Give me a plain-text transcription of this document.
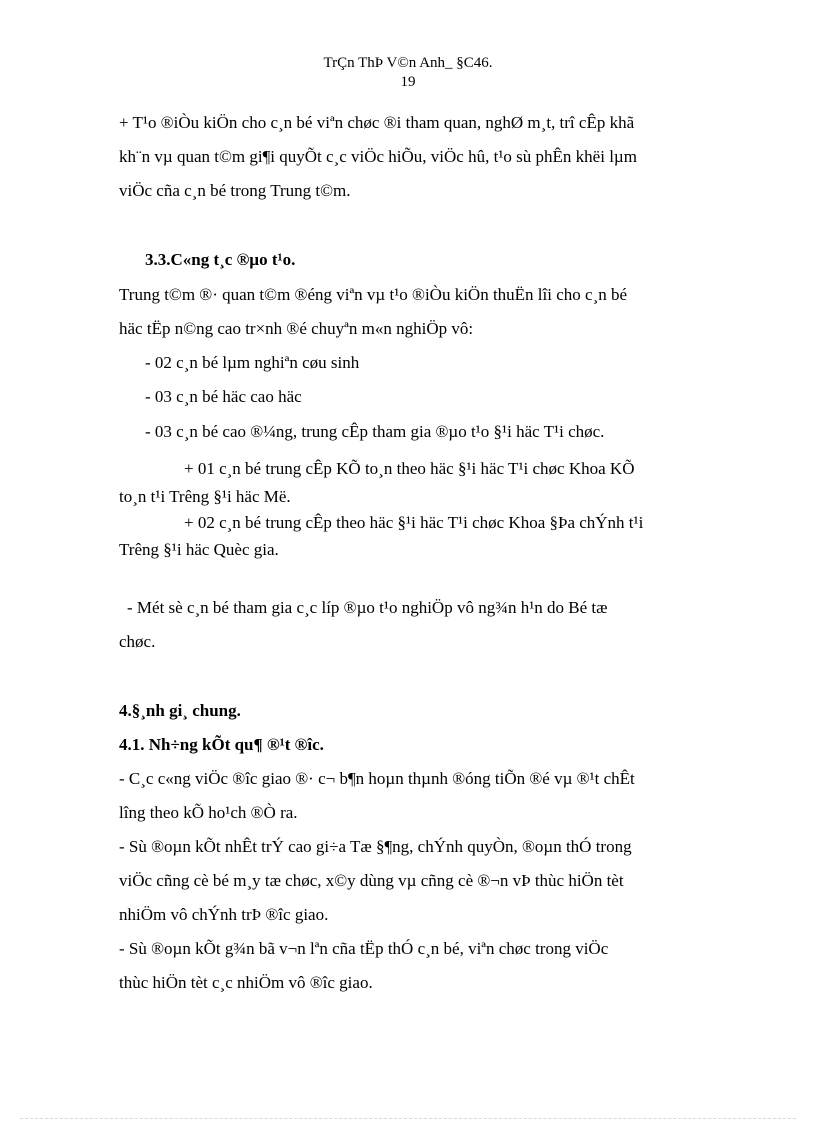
TrÇn ThÞ V©n Anh_ §C46.
19
+ T¹o ®iÒu kiÖn cho c¸n bé viªn chøc ®i tham quan, nghØ m¸t, trî cÊp khã
kh¨n vµ quan t©m gi¶i quyÕt c¸c viÖc hiÕu, viÖc hû, t¹o sù phÊn khëi lµm
viÖc cña c¸n bé trong Trung t©m.
3.3.C«ng t¸c ®µo t¹o.
Trung t©m ®· quan t©m ®éng viªn vµ t¹o ®iÒu kiÖn thuËn lîi cho c¸n bé
häc tËp n©ng cao tr×nh ®é chuyªn m«n nghiÖp vô:
- 02 c¸n bé lµm nghiªn cøu sinh
- 03 c¸n bé häc cao häc
- 03 c¸n bé cao ®¼ng, trung cÊp tham gia ®µo t¹o §¹i häc T¹i chøc.
+ 01 c¸n bé trung cÊp KÕ to¸n theo häc §¹i häc T¹i chøc Khoa KÕ
to¸n t¹i Trêng §¹i häc Më.
+ 02 c¸n bé trung cÊp theo häc §¹i häc T¹i chøc Khoa §Þa chÝnh t¹i
Trêng §¹i häc Quèc gia.
- Mét sè c¸n bé tham gia c¸c líp ®µo t¹o nghiÖp vô ng¾n h¹n do Bé tæ
chøc.
4.§¸nh gi¸ chung.
4.1. Nh÷ng kÕt qu¶ ®¹t ®îc.
- C¸c c«ng viÖc ®îc giao ®· c¬ b¶n hoµn thµnh ®óng tiÕn ®é vµ ®¹t chÊt
lîng theo kÕ ho¹ch ®Ò ra.
- Sù ®oµn kÕt nhÊt trÝ cao gi÷a Tæ §¶ng, chÝnh quyÒn, ®oµn thÓ trong
viÖc cñng cè bé m¸y tæ chøc, x©y dùng vµ cñng cè ®¬n vÞ thùc hiÖn tèt
nhiÖm vô chÝnh trÞ ®îc giao.
- Sù ®oµn kÕt g¾n bã v¬n lªn cña tËp thÓ c¸n bé, viªn chøc trong viÖc
thùc hiÖn tèt c¸c nhiÖm vô ®îc giao.
